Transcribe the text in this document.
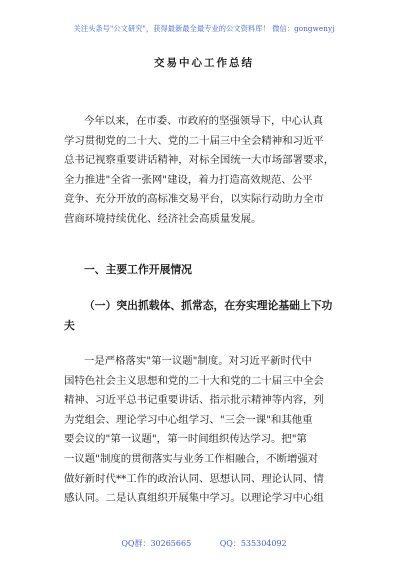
关注头条号"公文研究"，获得最新最全最专业的公文资料库！ 微信：gongwenyj
交易中心工作总结
今年以来，在市委、市政府的坚强领导下，中心认真
学习贯彻党的二十大、党的二十届三中全会精神和习近平
总书记视察重要讲话精神，对标全国统一大市场部署要求，
全力推进"全省一张网"建设，着力打造高效规范、公平
竞争、充分开放的高标准交易平台，以实际行动助力全市
营商环境持续优化、经济社会高质量发展。
一、主要工作开展情况
（一）突出抓载体、抓常态，在夯实理论基础上下功
夫
一是严格落实"第一议题"制度。对习近平新时代中
国特色社会主义思想和党的二十大和党的二十届三中全会
精神、习近平总书记重要讲话、指示批示精神等内容，列
为党组会、理论学习中心组学习、"三会一课"和其他重
要会议的"第一议题"，第一时间组织传达学习。把"第
一议题"制度的贯彻落实与业务工作相融合，不断增强对
做好新时代**工作的政治认同、思想认同、理论认同、情
感认同。二是认真组织开展集中学习。以理论学习中心组
QQ群：30265665	QQ：535304092
